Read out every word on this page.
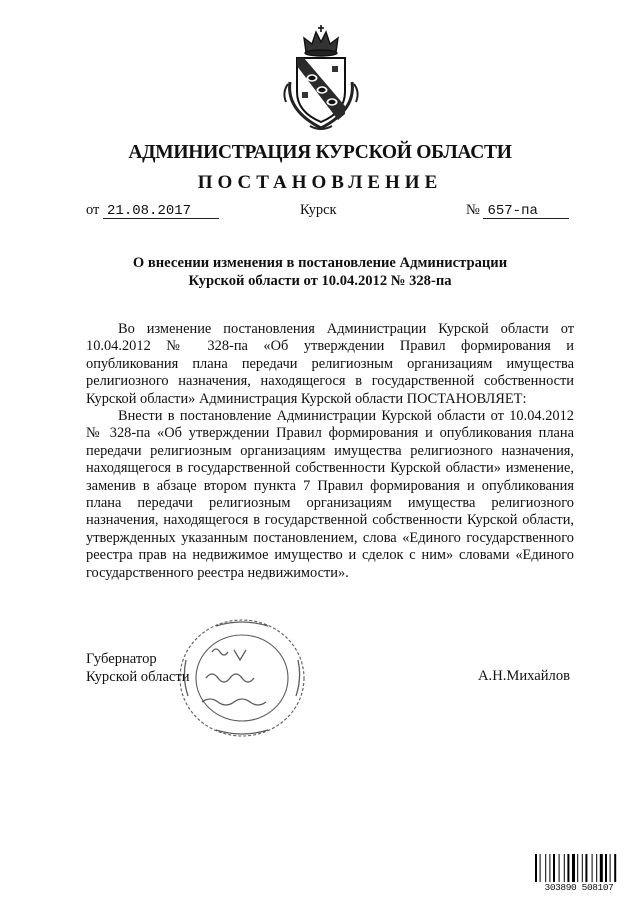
АДМИНИСТРАЦИЯ КУРСКОЙ ОБЛАСТИ
ПОСТАНОВЛЕНИЕ
от 21.08.2017	Курск	№ 657-па
О внесении изменения в постановление Администрации
Курской области от 10.04.2012 № 328-па

Во изменение постановления Администрации Курской области от 10.04.2012 № 328-па «Об утверждении Правил формирования и опубликования плана передачи религиозным организациям имущества религиозного назначения, находящегося в государственной собственности Курской области» Администрация Курской области ПОСТАНОВЛЯЕТ:

Внести в постановление Администрации Курской области от 10.04.2012 № 328-па «Об утверждении Правил формирования и опубликования плана передачи религиозным организациям имущества религиозного назначения, находящегося в государственной собственности Курской области» изменение, заменив в абзаце втором пункта 7 Правил формирования и опубликования плана передачи религиозным организациям имущества религиозного назначения, находящегося в государственной собственности Курской области, утвержденных указанным постановлением, слова «Единого государственного реестра прав на недвижимое имущество и сделок с ним» словами «Единого государственного реестра недвижимости».

Губернатор
Курской области	А.Н.Михайлов
303890 508107
